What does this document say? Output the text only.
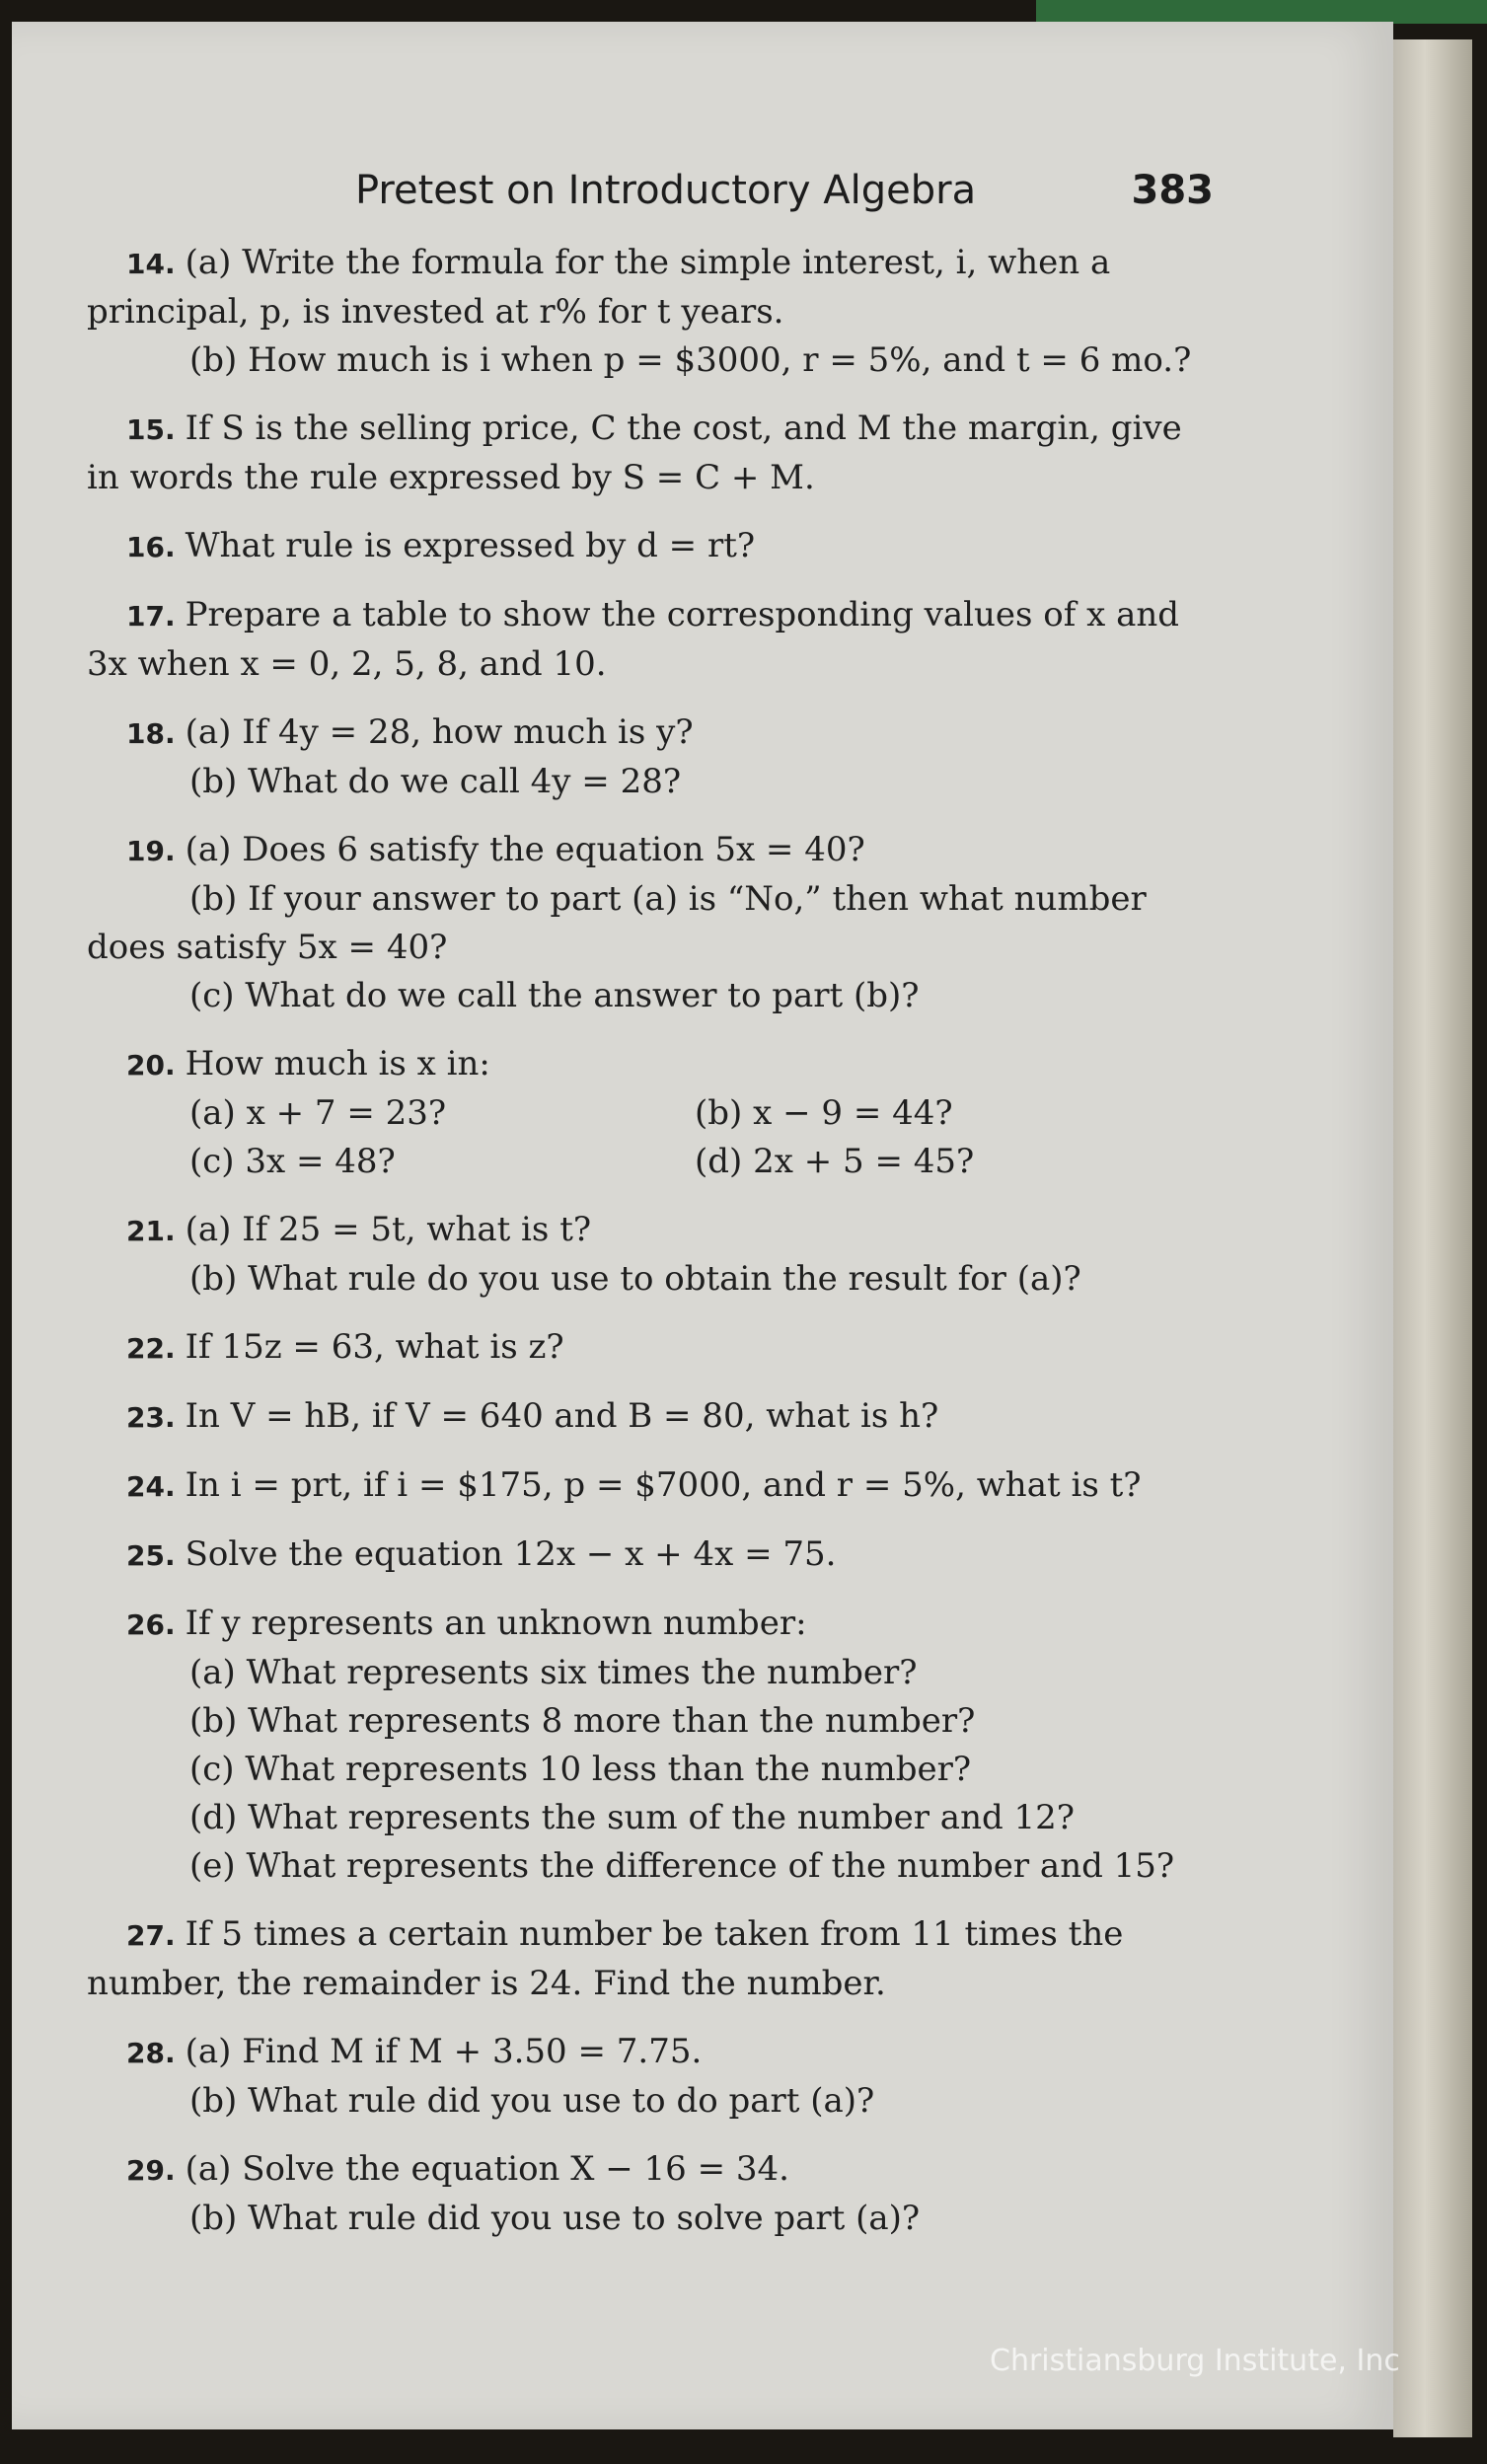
Pretest on Introductory Algebra	383
14. (a) Write the formula for the simple interest, i, when a
principal, p, is invested at r% for t years.
(b) How much is i when p = $3000, r = 5%, and t = 6 mo.?
15. If S is the selling price, C the cost, and M the margin, give
in words the rule expressed by S = C + M.
16. What rule is expressed by d = rt?
17. Prepare a table to show the corresponding values of x and
3x when x = 0, 2, 5, 8, and 10.
18. (a) If 4y = 28, how much is y?
(b) What do we call 4y = 28?
19. (a) Does 6 satisfy the equation 5x = 40?
(b) If your answer to part (a) is “No,” then what number
does satisfy 5x = 40?
(c) What do we call the answer to part (b)?
20. How much is x in:
(a) x + 7 = 23?	(b) x − 9 = 44?
(c) 3x = 48?	(d) 2x + 5 = 45?
21. (a) If 25 = 5t, what is t?
(b) What rule do you use to obtain the result for (a)?
22. If 15z = 63, what is z?
23. In V = hB, if V = 640 and B = 80, what is h?
24. In i = prt, if i = $175, p = $7000, and r = 5%, what is t?
25. Solve the equation 12x − x + 4x = 75.
26. If y represents an unknown number:
(a) What represents six times the number?
(b) What represents 8 more than the number?
(c) What represents 10 less than the number?
(d) What represents the sum of the number and 12?
(e) What represents the difference of the number and 15?
27. If 5 times a certain number be taken from 11 times the
number, the remainder is 24. Find the number.
28. (a) Find M if M + 3.50 = 7.75.
(b) What rule did you use to do part (a)?
29. (a) Solve the equation X − 16 = 34.
(b) What rule did you use to solve part (a)?
Christiansburg Institute, Inc
